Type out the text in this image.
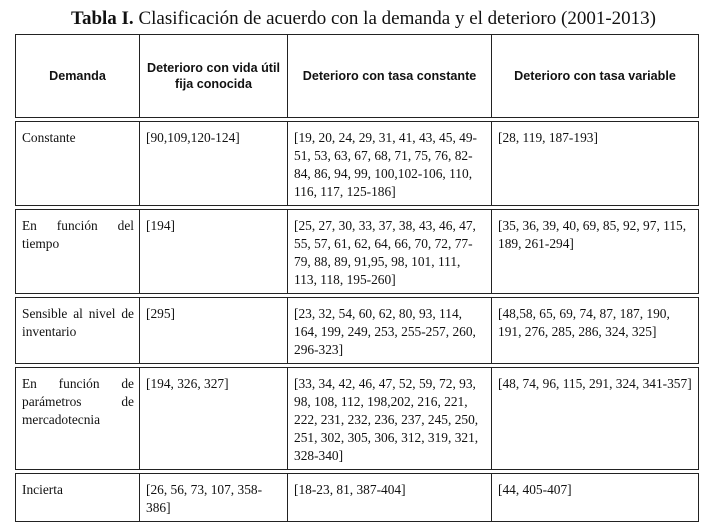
Tabla I. Clasificación de acuerdo con la demanda y el deterioro (2001-2013)
Demanda	Deterioro con vida útil fija conocida	Deterioro con tasa constante	Deterioro con tasa variable

Constante	[90,109,120-124]	[19, 20, 24, 29, 31, 41, 43, 45, 49-51, 53, 63, 67, 68, 71, 75, 76, 82-84, 86, 94, 99, 100,102-106, 110, 116, 117, 125-186]	[28, 119, 187-193]

En función del tiempo	[194]	[25, 27, 30, 33, 37, 38, 43, 46, 47, 55, 57, 61, 62, 64, 66, 70, 72, 77-79, 88, 89, 91,95, 98, 101, 111, 113, 118, 195-260]	[35, 36, 39, 40, 69, 85, 92, 97, 115, 189, 261-294]

Sensible al nivel de inventario	[295]	[23, 32, 54, 60, 62, 80, 93, 114, 164, 199, 249, 253, 255-257, 260, 296-323]	[48,58, 65, 69, 74, 87, 187, 190, 191, 276, 285, 286, 324, 325]

En función de parámetros de mercadotecnia	[194, 326, 327]	[33, 34, 42, 46, 47, 52, 59, 72, 93, 98, 108, 112, 198,202, 216, 221, 222, 231, 232, 236, 237, 245, 250, 251, 302, 305, 306, 312, 319, 321, 328-340]	[48, 74, 96, 115, 291, 324, 341-357]

Incierta	[26, 56, 73, 107, 358-386]	[18-23, 81, 387-404]	[44, 405-407]
